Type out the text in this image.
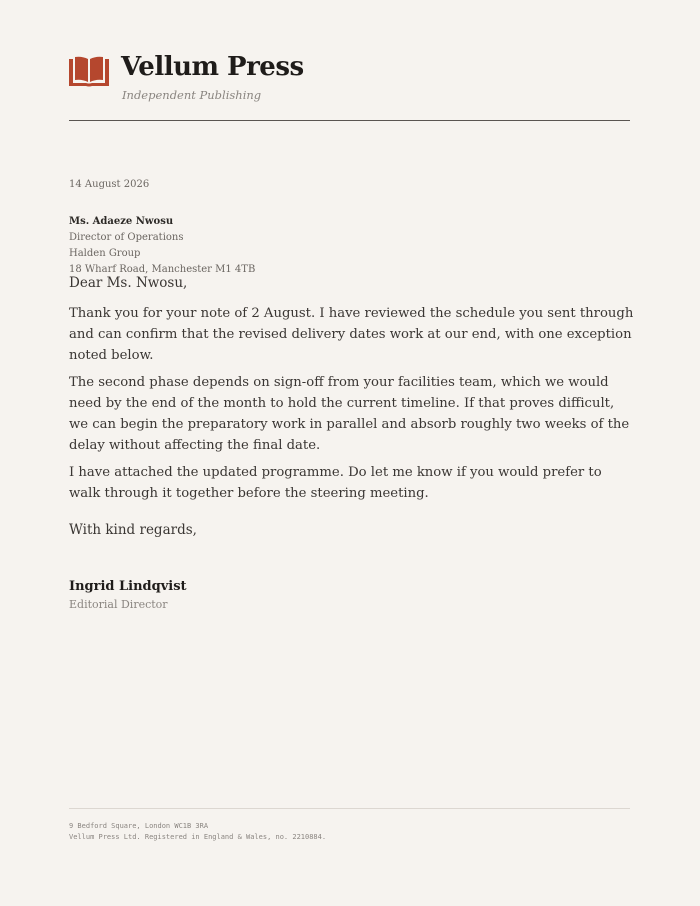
Vellum Press
Independent Publishing
14 August 2026
Ms. Adaeze Nwosu
Director of Operations
Halden Group
18 Wharf Road, Manchester M1 4TB
Dear Ms. Nwosu,

Thank you for your note of 2 August. I have reviewed the schedule you sent through and can confirm that the revised delivery dates work at our end, with one exception noted below.

The second phase depends on sign-off from your facilities team, which we would need by the end of the month to hold the current timeline. If that proves difficult, we can begin the preparatory work in parallel and absorb roughly two weeks of the delay without affecting the final date.

I have attached the updated programme. Do let me know if you would prefer to walk through it together before the steering meeting.

With kind regards,
Ingrid Lindqvist
Editorial Director
9 Bedford Square, London WC1B 3RA
Vellum Press Ltd. Registered in England & Wales, no. 2210884.
